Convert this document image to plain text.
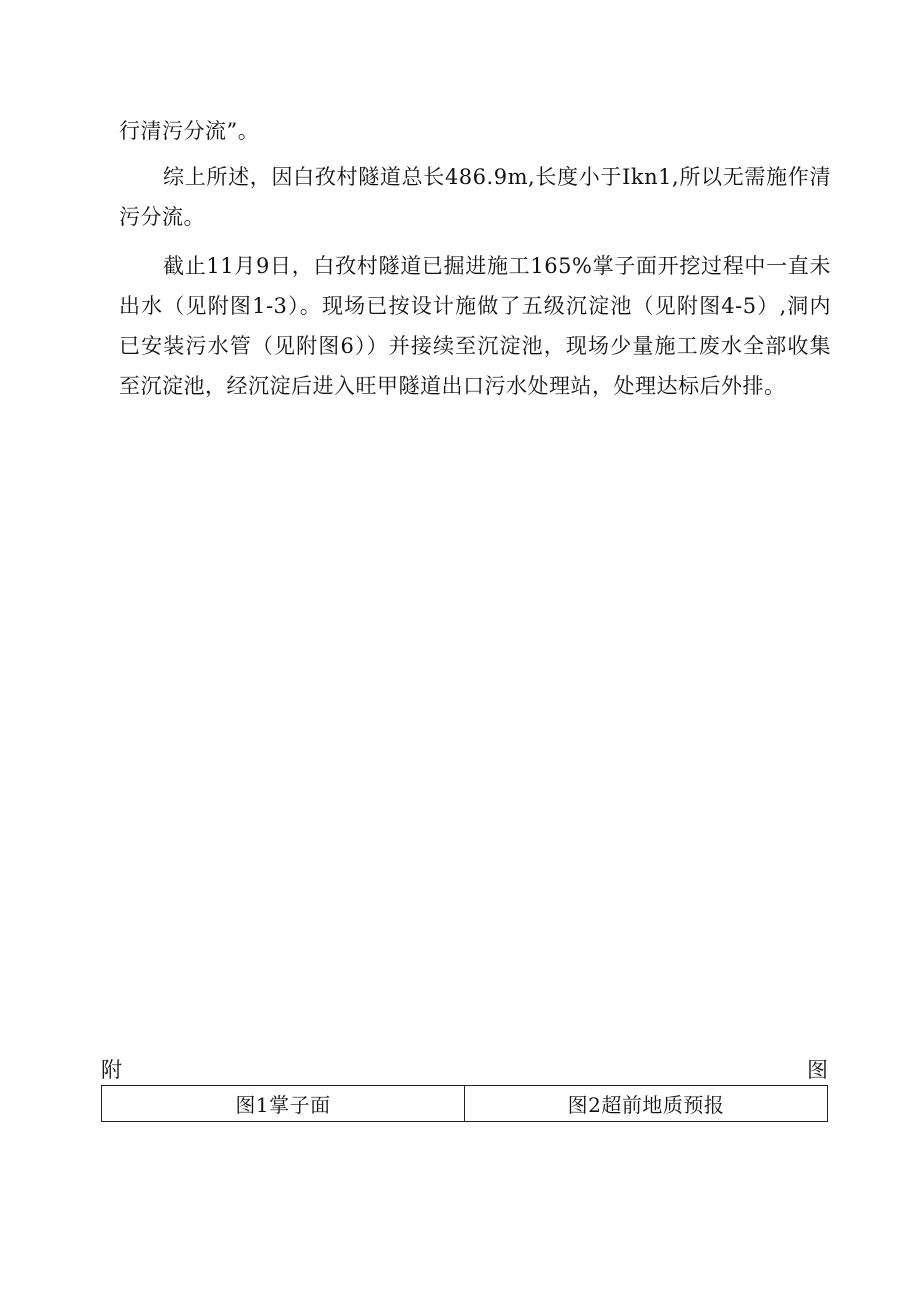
行清污分流”。

综上所述，因白孜村隧道总长486.9m,长度小于Ikn1,所以无需施作清污分流。

截止11月9日，白孜村隧道已掘进施工165%掌子面开挖过程中一直未出水（见附图1-3）。现场已按设计施做了五级沉淀池（见附图4-5）,洞内已安装污水管（见附图6））并接续至沉淀池，现场少量施工废水全部收集至沉淀池，经沉淀后进入旺甲隧道出口污水处理站，处理达标后外排。

附	图
图1掌子面	图2超前地质预报
